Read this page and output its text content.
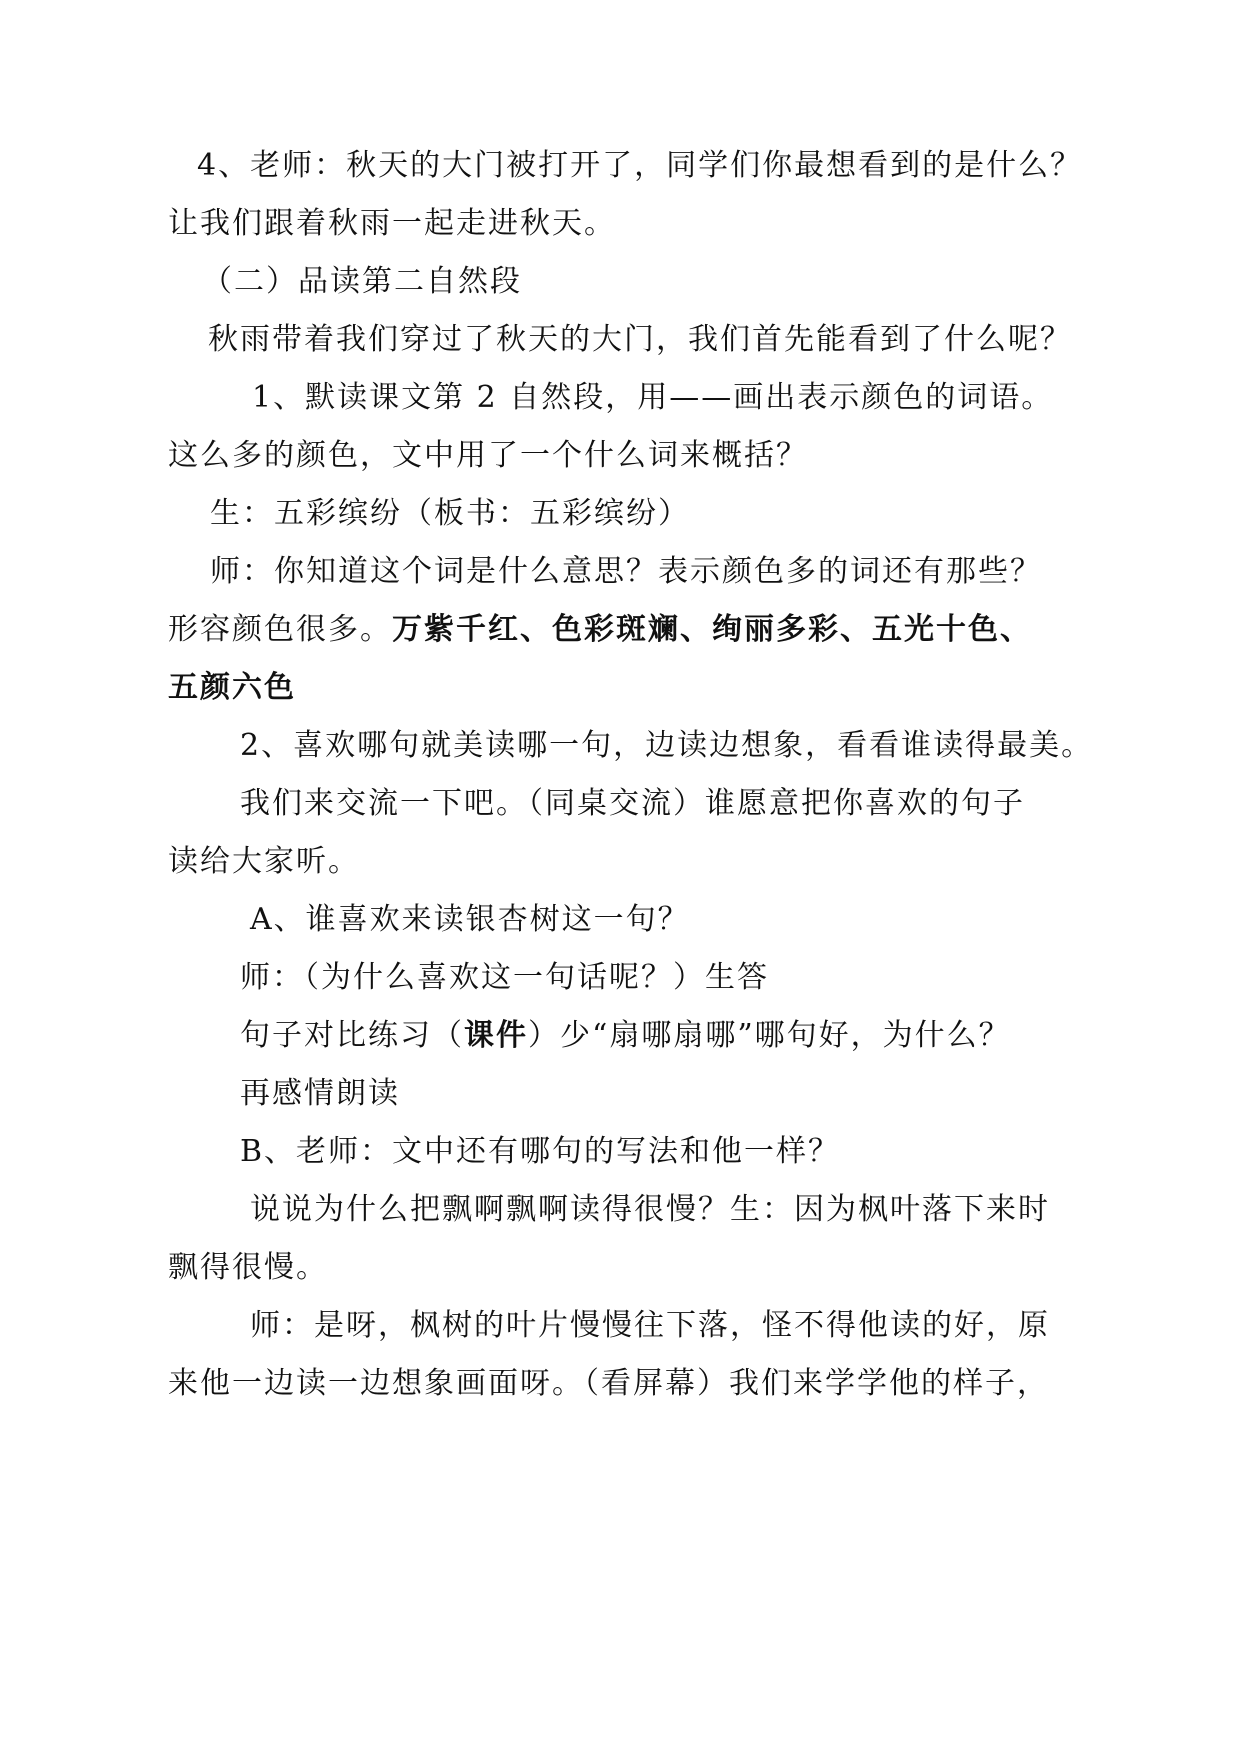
4、老师：秋天的大门被打开了，同学们你最想看到的是什么？
让我们跟着秋雨一起走进秋天。
（二）品读第二自然段
秋雨带着我们穿过了秋天的大门，我们首先能看到了什么呢？
1、默读课文第 2 自然段，用——画出表示颜色的词语。
这么多的颜色，文中用了一个什么词来概括？
生：五彩缤纷（板书：五彩缤纷）
师：你知道这个词是什么意思？表示颜色多的词还有那些？
形容颜色很多。 万紫千红、色彩斑斓、绚丽多彩、五光十色、
五颜六色
2、喜欢哪句就美读哪一句，边读边想象，看看谁读得最美。
我们来交流一下吧。（同桌交流）谁愿意把你喜欢的句子
读给大家听。
A、谁喜欢来读银杏树这一句？
师：（为什么喜欢这一句话呢？）生答
句子对比练习（课件）少“扇哪扇哪”哪句好，为什么？
再感情朗读
B、老师：文中还有哪句的写法和他一样？
说说为什么把飘啊飘啊读得很慢？生：因为枫叶落下来时
飘得很慢。
师：是呀，枫树的叶片慢慢往下落，怪不得他读的好，原
来他一边读一边想象画面呀。（看屏幕）我们来学学他的样子，
